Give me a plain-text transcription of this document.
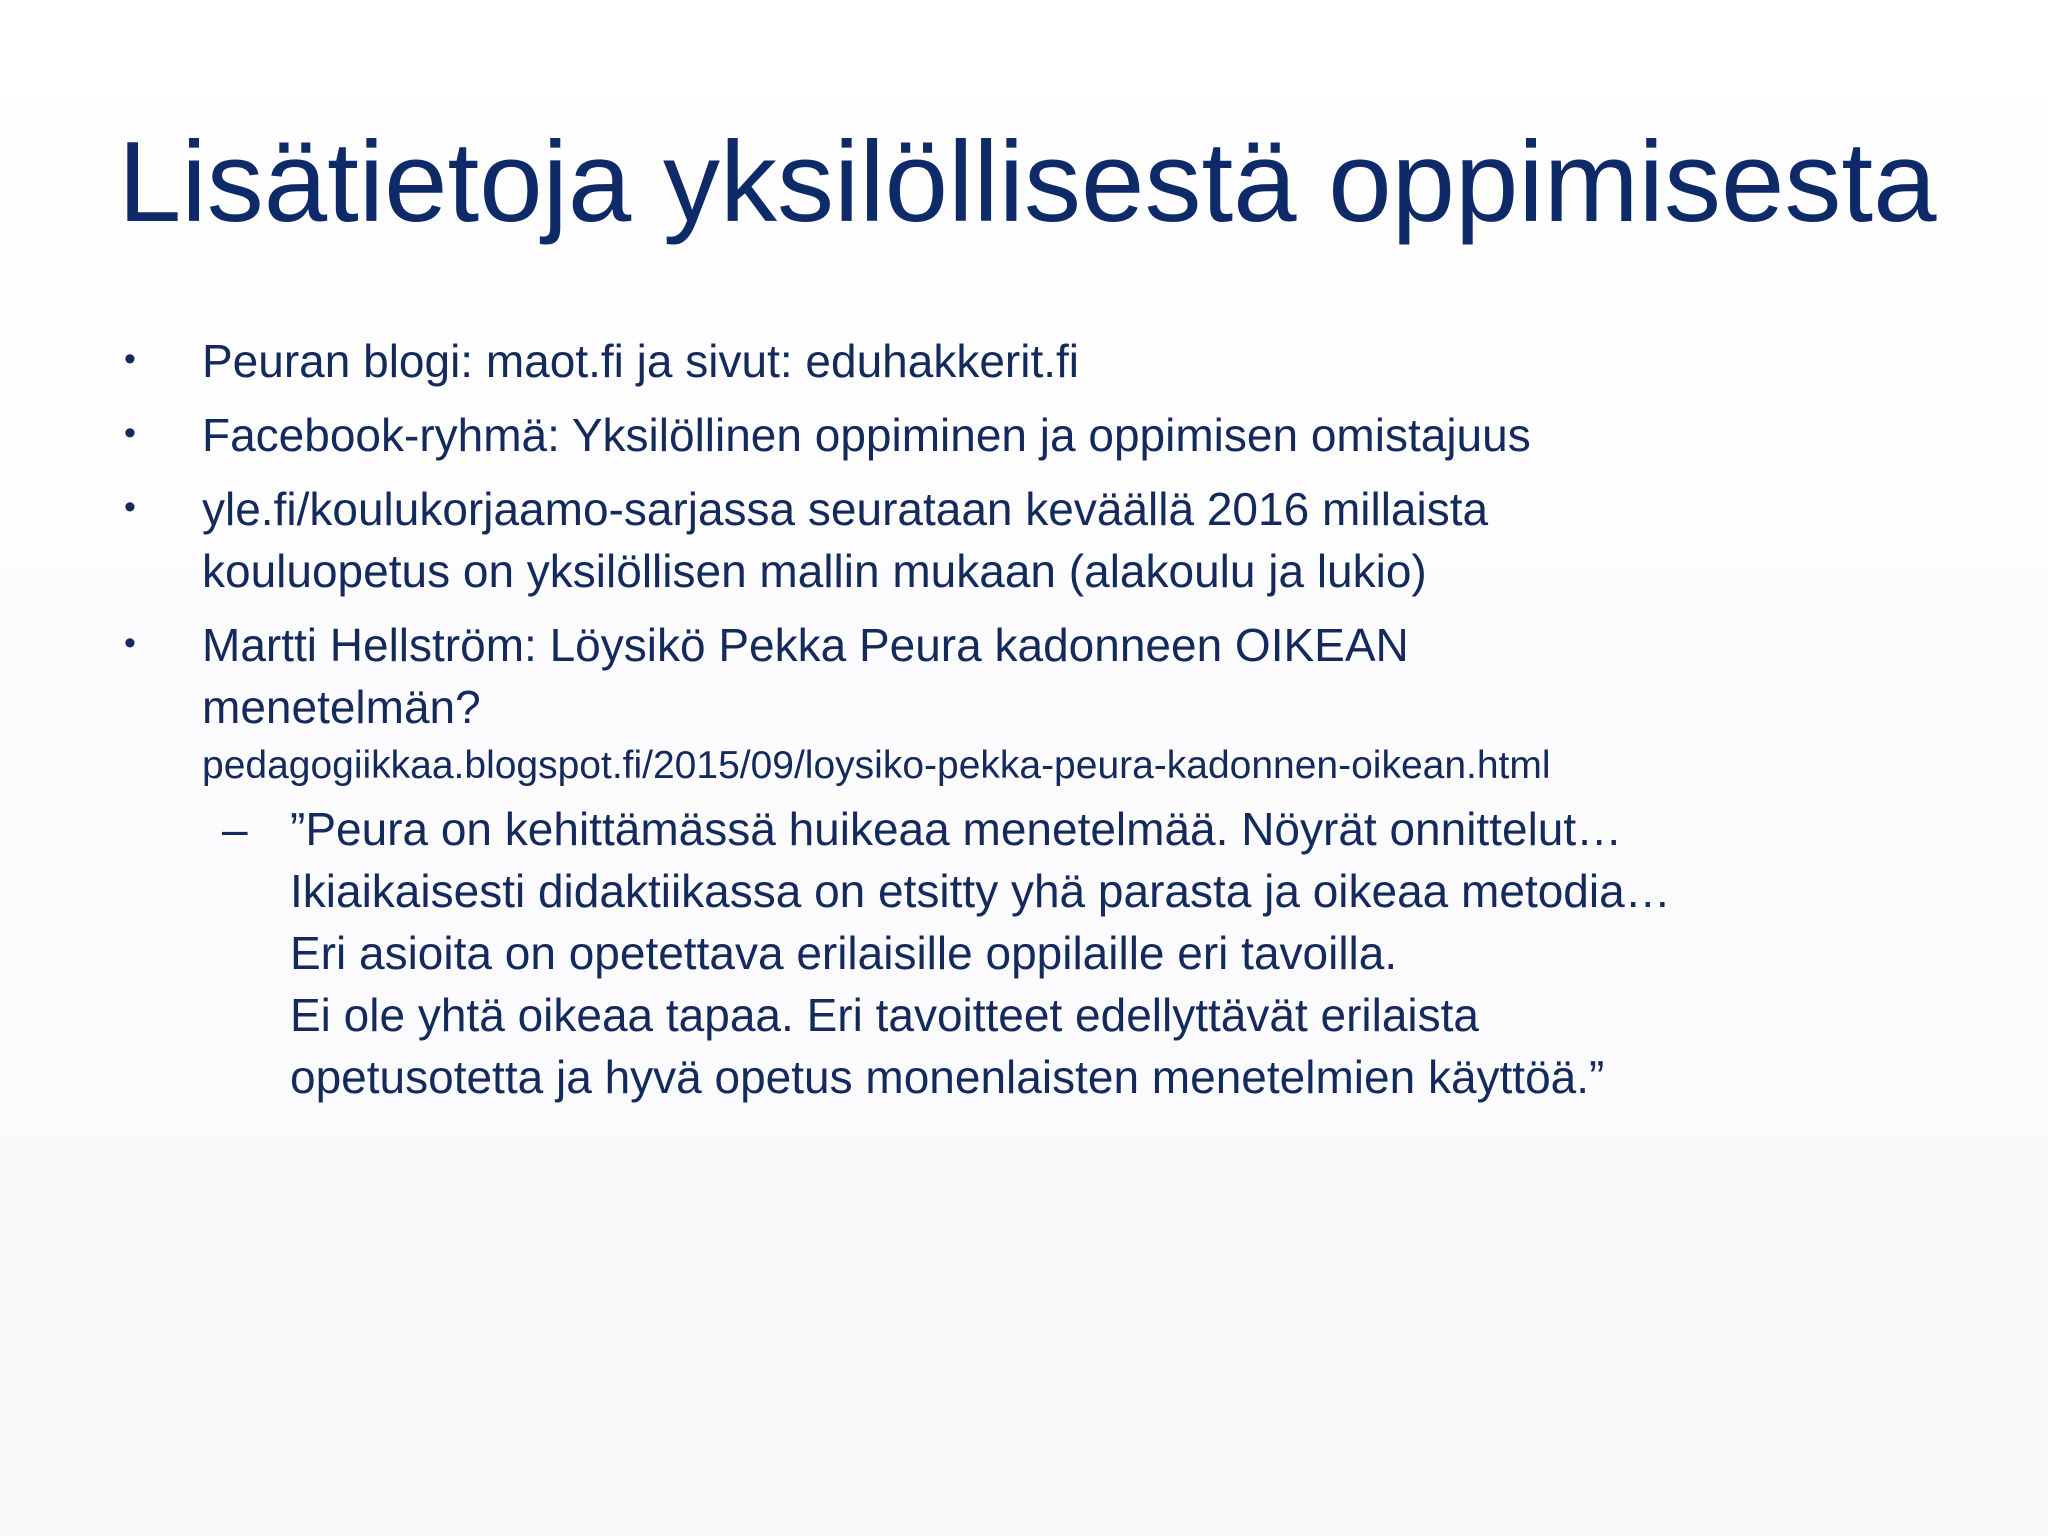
Lisätietoja yksilöllisestä oppimisesta
• Peuran blogi: maot.fi ja sivut: eduhakkerit.fi
• Facebook-ryhmä: Yksilöllinen oppiminen ja oppimisen omistajuus
• yle.fi/koulukorjaamo-sarjassa seurataan keväällä 2016 millaista
kouluopetus on yksilöllisen mallin mukaan (alakoulu ja lukio)
• Martti Hellström: Löysikö Pekka Peura kadonneen OIKEAN
menetelmän?
pedagogiikkaa.blogspot.fi/2015/09/loysiko-pekka-peura-kadonnen-oikean.html
– ”Peura on kehittämässä huikeaa menetelmää. Nöyrät onnittelut…
Ikiaikaisesti didaktiikassa on etsitty yhä parasta ja oikeaa metodia…
Eri asioita on opetettava erilaisille oppilaille eri tavoilla.
Ei ole yhtä oikeaa tapaa. Eri tavoitteet edellyttävät erilaista
opetusotetta ja hyvä opetus monenlaisten menetelmien käyttöä.”
